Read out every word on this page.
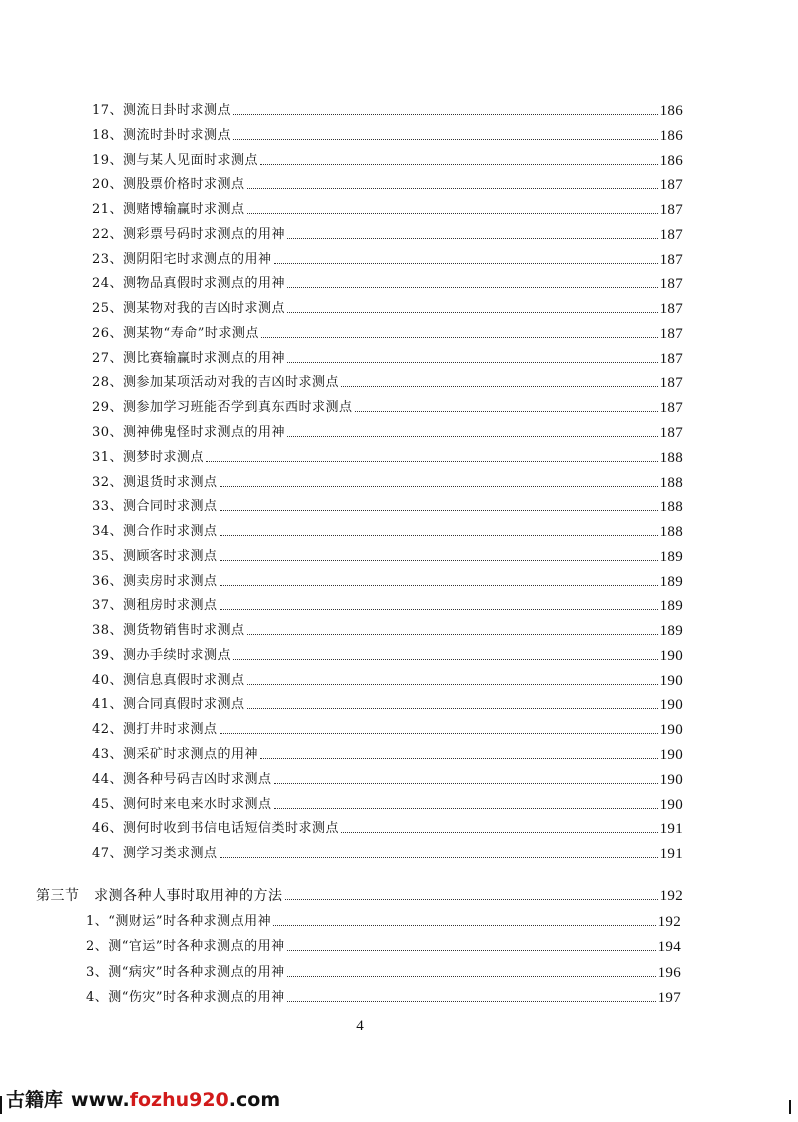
17、测流日卦时求测点	186
18、测流时卦时求测点	186
19、测与某人见面时求测点	186
20、测股票价格时求测点	187
21、测赌博输赢时求测点	187
22、测彩票号码时求测点的用神	187
23、测阴阳宅时求测点的用神	187
24、测物品真假时求测点的用神	187
25、测某物对我的吉凶时求测点	187
26、测某物“寿命”时求测点	187
27、测比赛输赢时求测点的用神	187
28、测参加某项活动对我的吉凶时求测点	187
29、测参加学习班能否学到真东西时求测点	187
30、测神佛鬼怪时求测点的用神	187
31、测梦时求测点	188
32、测退货时求测点	188
33、测合同时求测点	188
34、测合作时求测点	188
35、测顾客时求测点	189
36、测卖房时求测点	189
37、测租房时求测点	189
38、测货物销售时求测点	189
39、测办手续时求测点	190
40、测信息真假时求测点	190
41、测合同真假时求测点	190
42、测打井时求测点	190
43、测采矿时求测点的用神	190
44、测各种号码吉凶时求测点	190
45、测何时来电来水时求测点	190
46、测何时收到书信电话短信类时求测点	191
47、测学习类求测点	191
第三节　求测各种人事时取用神的方法	192
1、“测财运”时各种求测点用神	192
2、测“官运”时各种求测点的用神	194
3、测“病灾”时各种求测点的用神	196
4、测“伤灾”时各种求测点的用神	197
4
古籍库 www.fozhu920.com
